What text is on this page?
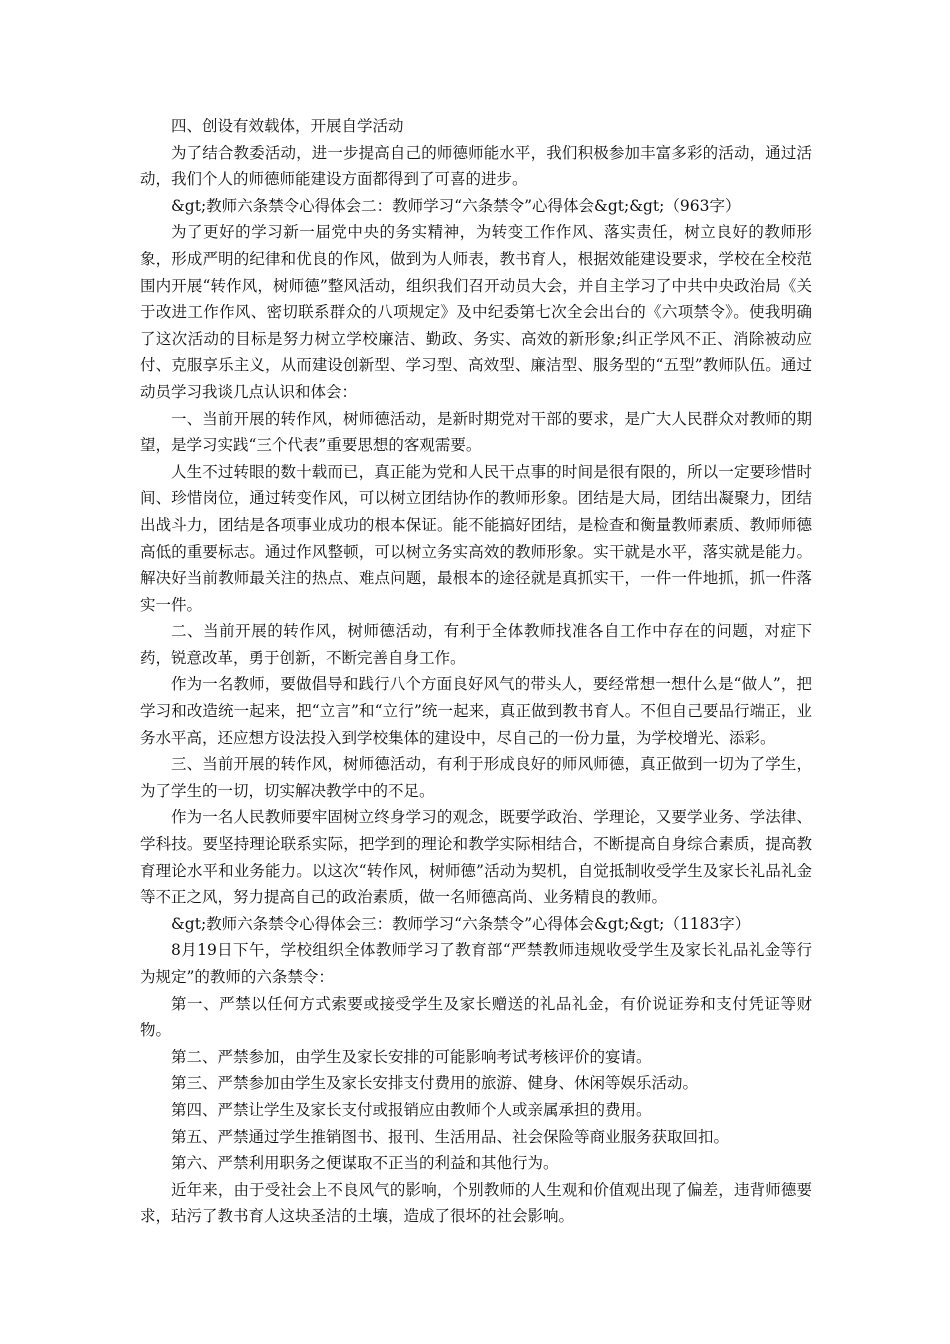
四、创设有效载体，开展自学活动

为了结合教委活动，进一步提高自己的师德师能水平，我们积极参加丰富多彩的活动，通过活动，我们个人的师德师能建设方面都得到了可喜的进步。

&gt;教师六条禁令心得体会二：教师学习“六条禁令”心得体会&gt;&gt;（963字）

为了更好的学习新一届党中央的务实精神，为转变工作作风、落实责任，树立良好的教师形象，形成严明的纪律和优良的作风，做到为人师表，教书育人，根据效能建设要求，学校在全校范围内开展“转作风，树师德”整风活动，组织我们召开动员大会，并自主学习了中共中央政治局《关于改进工作作风、密切联系群众的八项规定》及中纪委第七次全会出台的《六项禁令》。使我明确了这次活动的目标是努力树立学校廉洁、勤政、务实、高效的新形象;纠正学风不正、消除被动应付、克服享乐主义，从而建设创新型、学习型、高效型、廉洁型、服务型的“五型”教师队伍。通过动员学习我谈几点认识和体会：

一、当前开展的转作风，树师德活动，是新时期党对干部的要求，是广大人民群众对教师的期望，是学习实践“三个代表”重要思想的客观需要。

人生不过转眼的数十载而已，真正能为党和人民干点事的时间是很有限的，所以一定要珍惜时间、珍惜岗位，通过转变作风，可以树立团结协作的教师形象。团结是大局，团结出凝聚力，团结出战斗力，团结是各项事业成功的根本保证。能不能搞好团结，是检查和衡量教师素质、教师师德高低的重要标志。通过作风整顿，可以树立务实高效的教师形象。实干就是水平，落实就是能力。解决好当前教师最关注的热点、难点问题，最根本的途径就是真抓实干，一件一件地抓，抓一件落实一件。

二、当前开展的转作风，树师德活动，有利于全体教师找准各自工作中存在的问题，对症下药，锐意改革，勇于创新，不断完善自身工作。

作为一名教师，要做倡导和践行八个方面良好风气的带头人，要经常想一想什么是“做人”，把学习和改造统一起来，把“立言”和“立行”统一起来，真正做到教书育人。不但自己要品行端正，业务水平高，还应想方设法投入到学校集体的建设中，尽自己的一份力量，为学校增光、添彩。

三、当前开展的转作风，树师德活动，有利于形成良好的师风师德，真正做到一切为了学生，为了学生的一切，切实解决教学中的不足。

作为一名人民教师要牢固树立终身学习的观念，既要学政治、学理论，又要学业务、学法律、学科技。要坚持理论联系实际，把学到的理论和教学实际相结合，不断提高自身综合素质，提高教育理论水平和业务能力。以这次“转作风，树师德”活动为契机，自觉抵制收受学生及家长礼品礼金等不正之风，努力提高自己的政治素质，做一名师德高尚、业务精良的教师。

&gt;教师六条禁令心得体会三：教师学习“六条禁令”心得体会&gt;&gt;（1183字）

8月19日下午，学校组织全体教师学习了教育部“严禁教师违规收受学生及家长礼品礼金等行为规定”的教师的六条禁令：

第一、严禁以任何方式索要或接受学生及家长赠送的礼品礼金，有价说证券和支付凭证等财物。

第二、严禁参加，由学生及家长安排的可能影响考试考核评价的宴请。

第三、严禁参加由学生及家长安排支付费用的旅游、健身、休闲等娱乐活动。

第四、严禁让学生及家长支付或报销应由教师个人或亲属承担的费用。

第五、严禁通过学生推销图书、报刊、生活用品、社会保险等商业服务获取回扣。

第六、严禁利用职务之便谋取不正当的利益和其他行为。

近年来，由于受社会上不良风气的影响，个别教师的人生观和价值观出现了偏差，违背师德要求，玷污了教书育人这块圣洁的土壤，造成了很坏的社会影响。
